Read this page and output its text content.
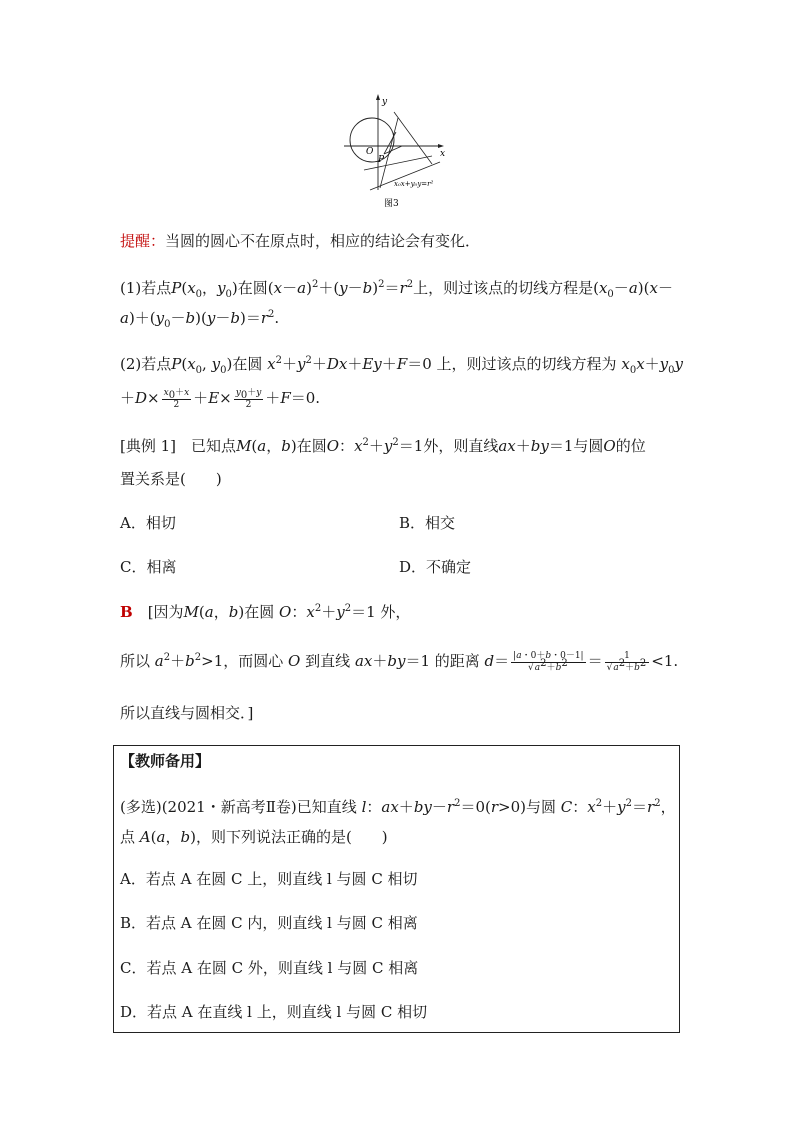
y
x
O
P
x₀x+y₀y=r²
图3
提醒：当圆的圆心不在原点时，相应的结论会有变化．
(1)若点$P(x_0$，$y_0$)在圆$(x-a)^2+(y-b)^2=r^2$上，则过该点的切线方程是$(x_0-a)(x-$
$a)+(y_0-b)(y-b)=r^2$.
(2)若点$P(x_0$, $y_0$)在圆 $x^2+y^2+Dx+Ey+F=0$ 上，则过该点的切线方程为 $x_0x+y_0y$
$+D\times \frac{x_0+x}{2} +E\times \frac{y_0+y}{2} +F=0$.
[典例 1]　 已知点M(a，b)在圆O：$x^2+y^2=1$外，则直线ax＋by＝1与圆O的位
置关系是(　　)
A．相切	B．相交
C．相离	D．不确定
B　 [因为M(a，b)在圆 O：$x^2+y^2=1$ 外，
所以 $a^2+b^2>1$，而圆心 O 到直线 ax＋by＝1 的距离 $d= \frac{|a・0+b・0-1|}{√a^2+b^2} = \frac{1}{√a^2+b^2} <1$.
所以直线与圆相交．]
【教师备用】
(多选)(2021・新高考Ⅱ卷)已知直线 l：$ax+by-r^2=0(r>0)$与圆 C：$x^2+y^2=r^2$，
点 A(a，b)，则下列说法正确的是(　　)
A．若点 A 在圆 C 上，则直线 l 与圆 C 相切
B．若点 A 在圆 C 内，则直线 l 与圆 C 相离
C．若点 A 在圆 C 外，则直线 l 与圆 C 相离
D．若点 A 在直线 l 上，则直线 l 与圆 C 相切
